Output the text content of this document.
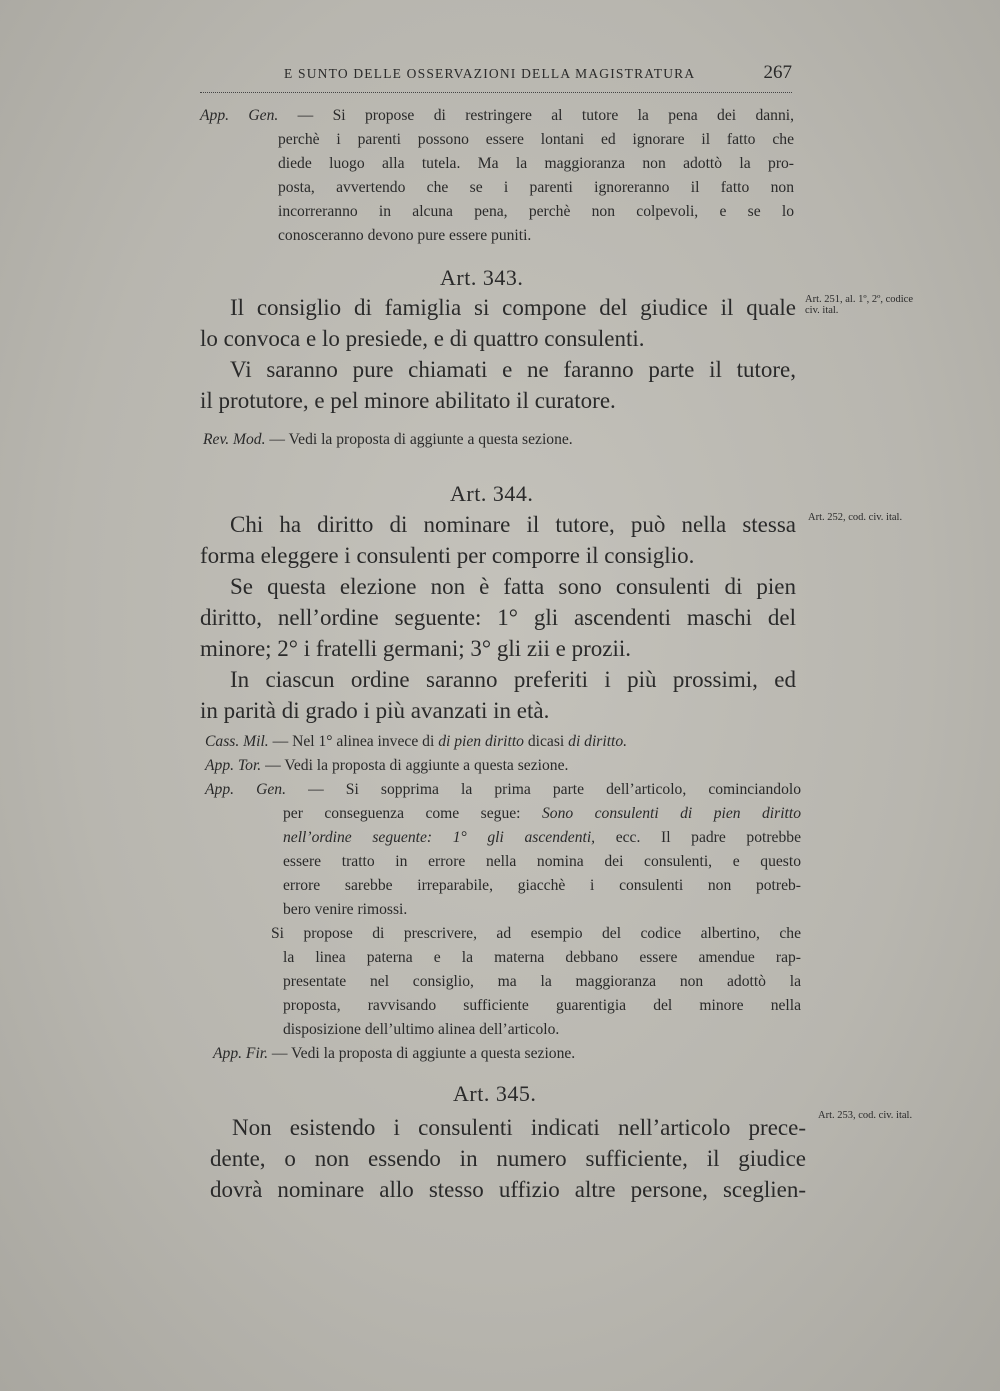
E SUNTO DELLE OSSERVAZIONI DELLA MAGISTRATURA	267
App. Gen. — Si propose di restringere al tutore la pena dei danni,
perchè i parenti possono essere lontani ed ignorare il fatto che
diede luogo alla tutela. Ma la maggioranza non adottò la pro-
posta, avvertendo che se i parenti ignoreranno il fatto non
incorreranno in alcuna pena, perchè non colpevoli, e se lo
conosceranno devono pure essere puniti.
Art. 343.
Art. 251, al. 1º, 2º, codice civ. ital.
Il consiglio di famiglia si compone del giudice il quale
lo convoca e lo presiede, e di quattro consulenti.
Vi saranno pure chiamati e ne faranno parte il tutore,
il protutore, e pel minore abilitato il curatore.
Rev. Mod. — Vedi la proposta di aggiunte a questa sezione.
Art. 344.
Art. 252, cod. civ. ital.
Chi ha diritto di nominare il tutore, può nella stessa
forma eleggere i consulenti per comporre il consiglio.
Se questa elezione non è fatta sono consulenti di pien
diritto, nell’ordine seguente: 1° gli ascendenti maschi del
minore; 2° i fratelli germani; 3° gli zii e prozii.
In ciascun ordine saranno preferiti i più prossimi, ed
in parità di grado i più avanzati in età.
Cass. Mil. — Nel 1° alinea invece di di pien diritto dicasi di diritto.
App. Tor. — Vedi la proposta di aggiunte a questa sezione.
App. Gen. — Si sopprima la prima parte dell’articolo, cominciandolo
per conseguenza come segue: Sono consulenti di pien diritto
nell’ordine seguente: 1° gli ascendenti, ecc. Il padre potrebbe
essere tratto in errore nella nomina dei consulenti, e questo
errore sarebbe irreparabile, giacchè i consulenti non potreb-
bero venire rimossi.
Si propose di prescrivere, ad esempio del codice albertino, che
la linea paterna e la materna debbano essere amendue rap-
presentate nel consiglio, ma la maggioranza non adottò la
proposta, ravvisando sufficiente guarentigia del minore nella
disposizione dell’ultimo alinea dell’articolo.
App. Fir. — Vedi la proposta di aggiunte a questa sezione.
Art. 345.
Art. 253, cod. civ. ital.
Non esistendo i consulenti indicati nell’articolo prece-
dente, o non essendo in numero sufficiente, il giudice
dovrà nominare allo stesso uffizio altre persone, sceglien-
